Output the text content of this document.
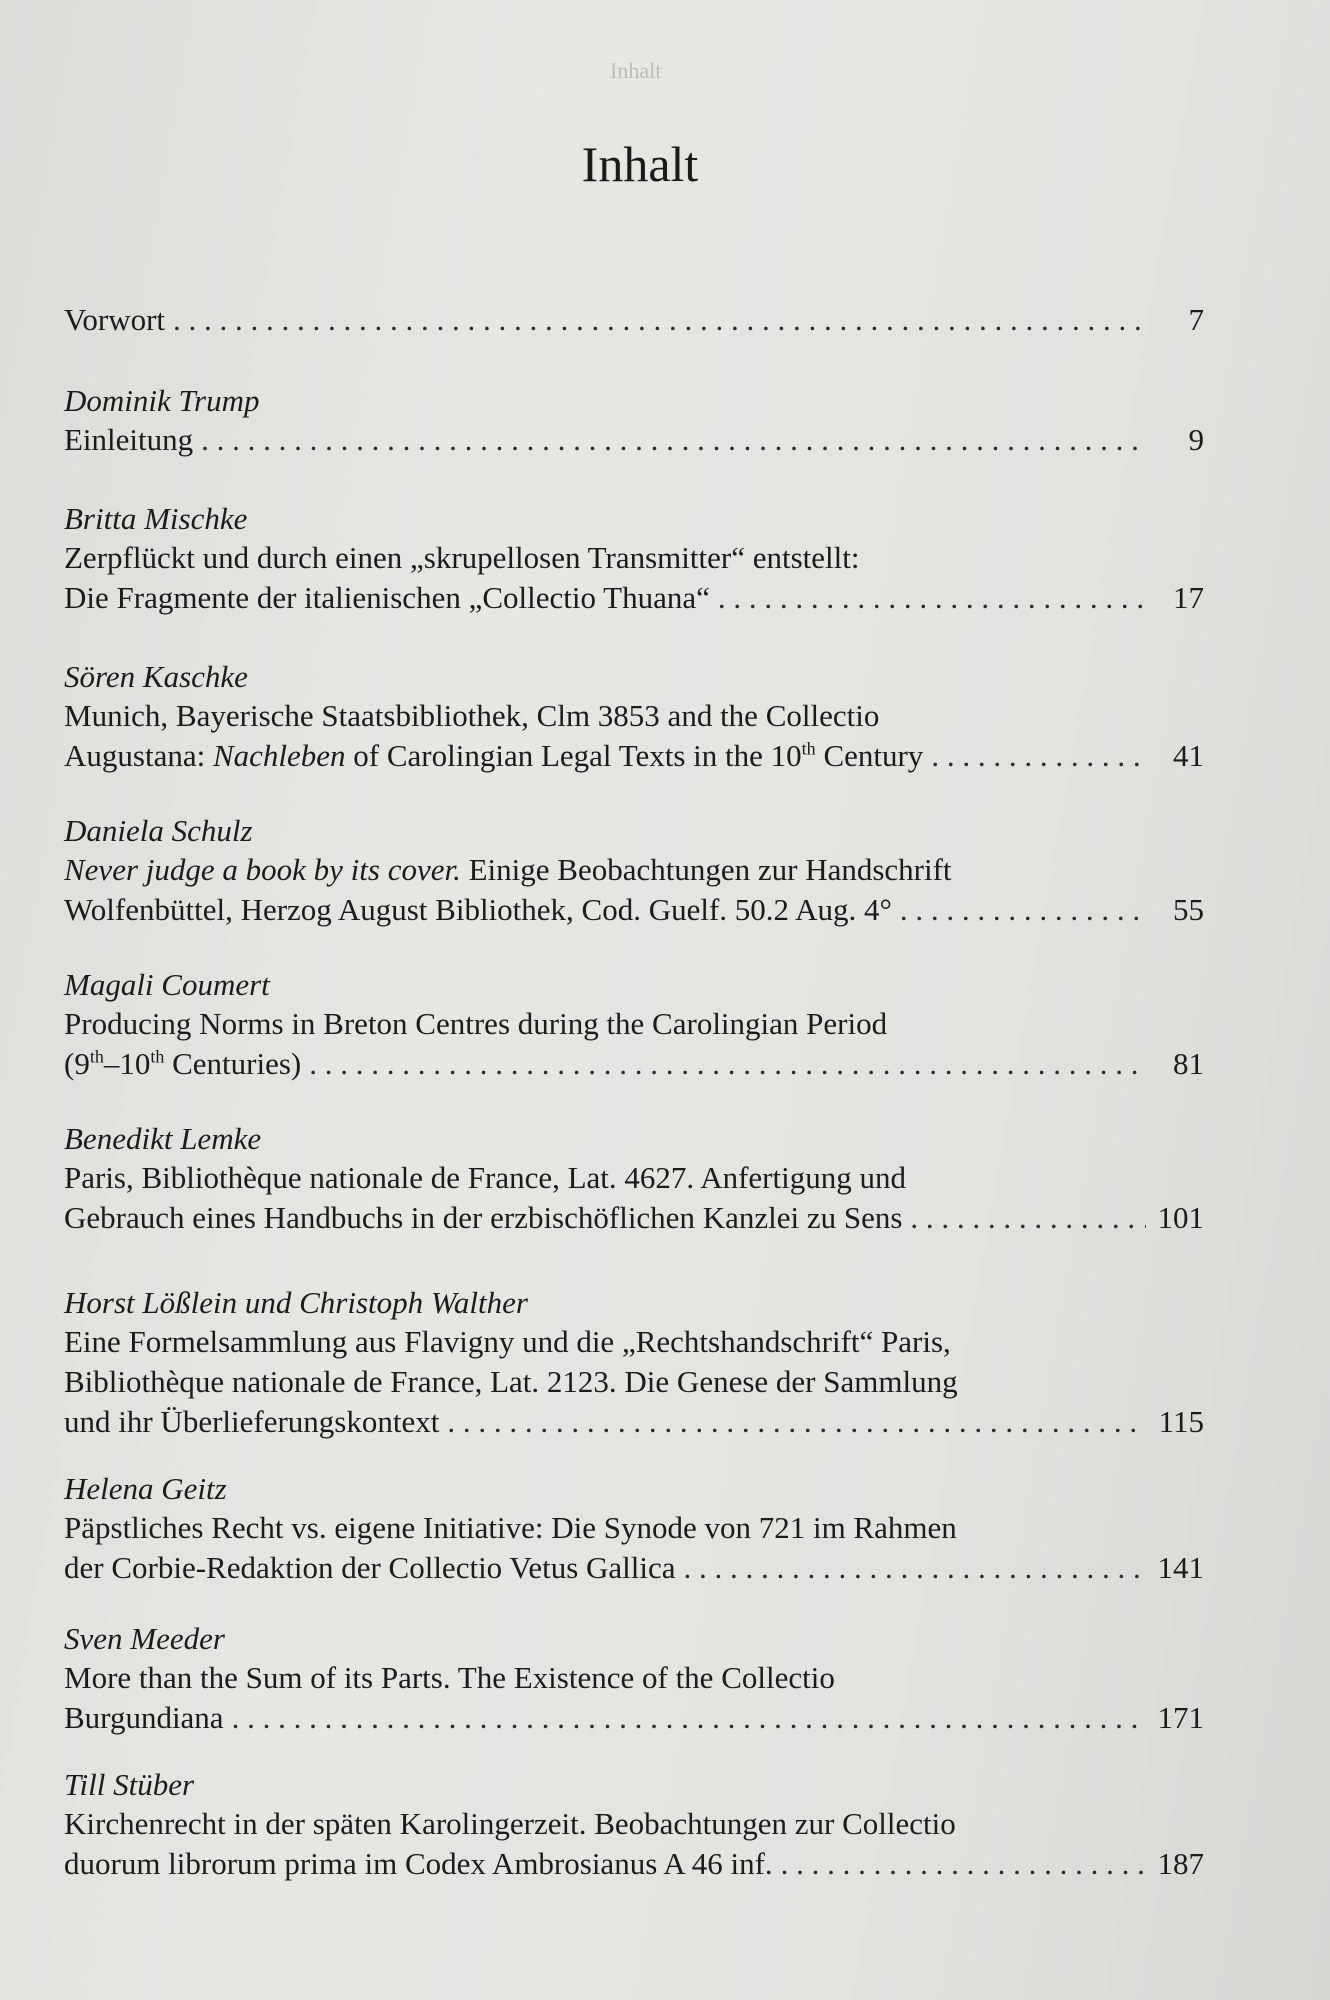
Inhalt
Inhalt
Vorwort . . .	7
Dominik Trump
Einleitung . . .	9
Britta Mischke
Zerpflückt und durch einen „skrupellosen Transmitter“ entstellt:
Die Fragmente der italienischen „Collectio Thuana“ . . .	17
Sören Kaschke
Munich, Bayerische Staatsbibliothek, Clm 3853 and the Collectio
Augustana: Nachleben of Carolingian Legal Texts in the 10th Century . . .	41
Daniela Schulz
Never judge a book by its cover. Einige Beobachtungen zur Handschrift
Wolfenbüttel, Herzog August Bibliothek, Cod. Guelf. 50.2 Aug. 4° . . .	55
Magali Coumert
Producing Norms in Breton Centres during the Carolingian Period
(9th–10th Centuries) . . .	81
Benedikt Lemke
Paris, Bibliothèque nationale de France, Lat. 4627. Anfertigung und
Gebrauch eines Handbuchs in der erzbischöflichen Kanzlei zu Sens . . .	101
Horst Lößlein und Christoph Walther
Eine Formelsammlung aus Flavigny und die „Rechtshandschrift“ Paris,
Bibliothèque nationale de France, Lat. 2123. Die Genese der Sammlung
und ihr Überlieferungskontext . . .	115
Helena Geitz
Päpstliches Recht vs. eigene Initiative: Die Synode von 721 im Rahmen
der Corbie-Redaktion der Collectio Vetus Gallica . . .	141
Sven Meeder
More than the Sum of its Parts. The Existence of the Collectio
Burgundiana . . .	171
Till Stüber
Kirchenrecht in der späten Karolingerzeit. Beobachtungen zur Collectio
duorum librorum prima im Codex Ambrosianus A 46 inf. . . .	187
